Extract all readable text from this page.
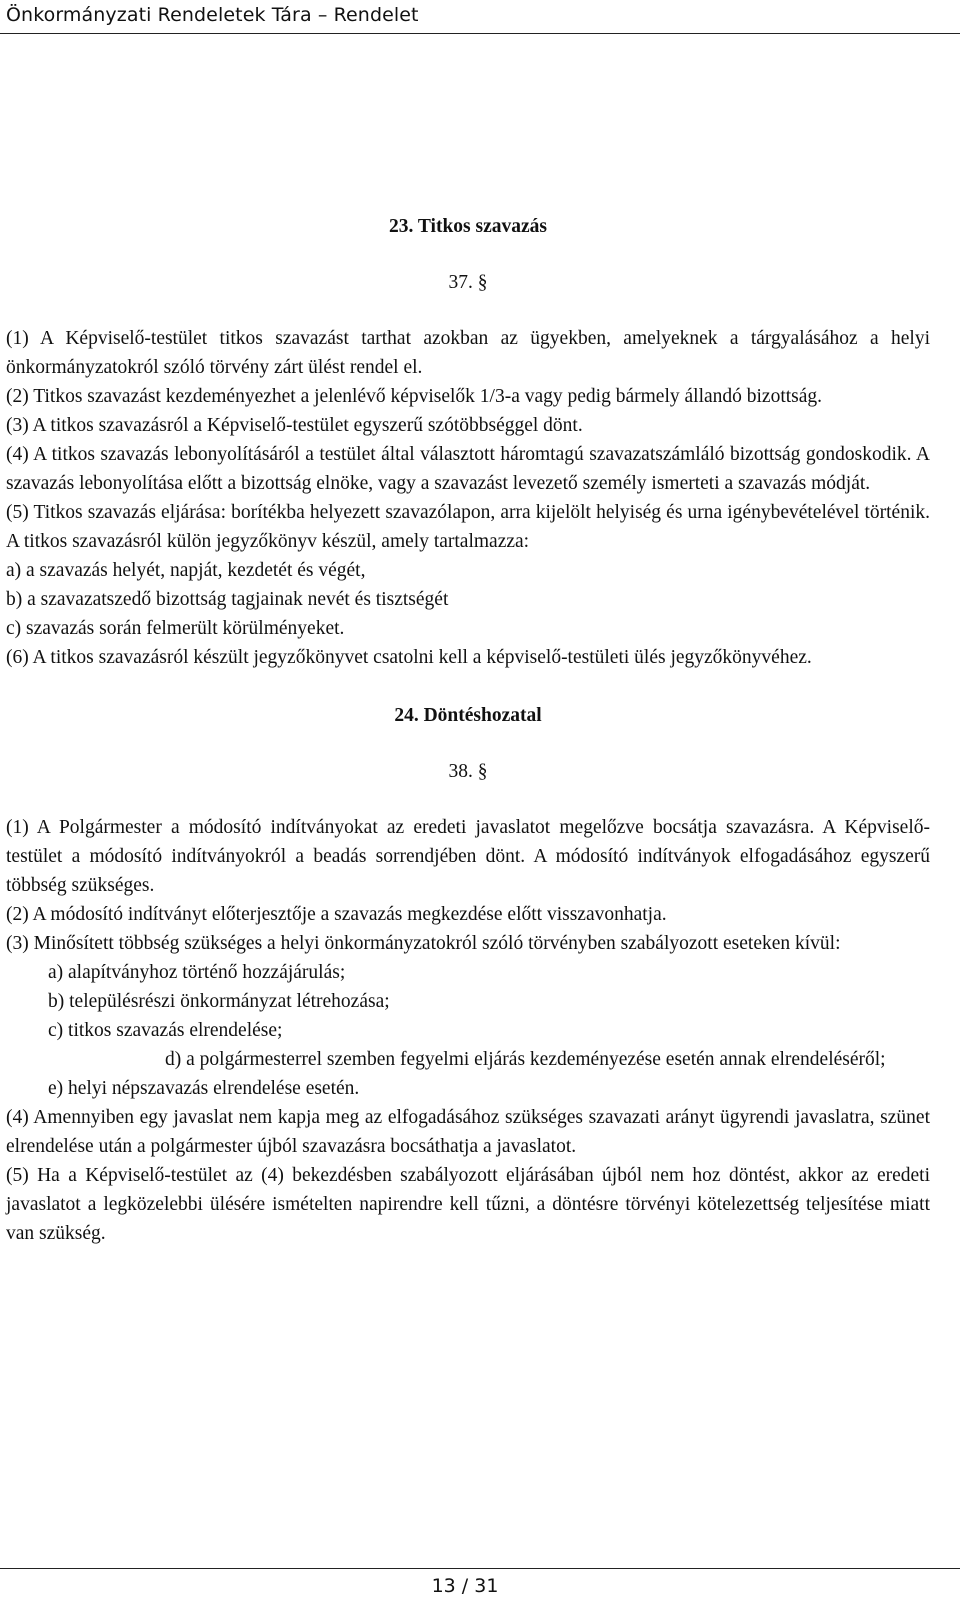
Önkormányzati Rendeletek Tára – Rendelet

23. Titkos szavazás

37. §

(1) A Képviselő-testület titkos szavazást tarthat azokban az ügyekben, amelyeknek a tárgyalásához a helyi önkormányzatokról szóló törvény zárt ülést rendel el.

(2) Titkos szavazást kezdeményezhet a jelenlévő képviselők 1/3-a vagy pedig bármely állandó bizottság.

(3) A titkos szavazásról a Képviselő-testület egyszerű szótöbbséggel dönt.

(4) A titkos szavazás lebonyolításáról a testület által választott háromtagú szavazatszámláló bizottság gondoskodik. A szavazás lebonyolítása előtt a bizottság elnöke, vagy a szavazást levezető személy ismerteti a szavazás módját.

(5) Titkos szavazás eljárása: borítékba helyezett szavazólapon, arra kijelölt helyiség és urna igénybevételével történik. A titkos szavazásról külön jegyzőkönyv készül, amely tartalmazza:

a) a szavazás helyét, napját, kezdetét és végét,

b) a szavazatszedő bizottság tagjainak nevét és tisztségét

c) szavazás során felmerült körülményeket.

(6) A titkos szavazásról készült jegyzőkönyvet csatolni kell a képviselő-testületi ülés jegyzőkönyvéhez.

24. Döntéshozatal

38. §

(1) A Polgármester a módosító indítványokat az eredeti javaslatot megelőzve bocsátja szavazásra. A Képviselő-testület a módosító indítványokról a beadás sorrendjében dönt. A módosító indítványok elfogadásához egyszerű többség szükséges.

(2) A módosító indítványt előterjesztője a szavazás megkezdése előtt visszavonhatja.

(3) Minősített többség szükséges a helyi önkormányzatokról szóló törvényben szabályozott eseteken kívül:

a) alapítványhoz történő hozzájárulás;

b) településrészi önkormányzat létrehozása;

c) titkos szavazás elrendelése;

d) a polgármesterrel szemben fegyelmi eljárás kezdeményezése esetén annak elrendeléséről;

e) helyi népszavazás elrendelése esetén.

(4) Amennyiben egy javaslat nem kapja meg az elfogadásához szükséges szavazati arányt ügyrendi javaslatra, szünet elrendelése után a polgármester újból szavazásra bocsáthatja a javaslatot.

(5) Ha a Képviselő-testület az (4) bekezdésben szabályozott eljárásában újból nem hoz döntést, akkor az eredeti javaslatot a legközelebbi ülésére ismételten napirendre kell tűzni, a döntésre törvényi kötelezettség teljesítése miatt van szükség.

13 / 31
